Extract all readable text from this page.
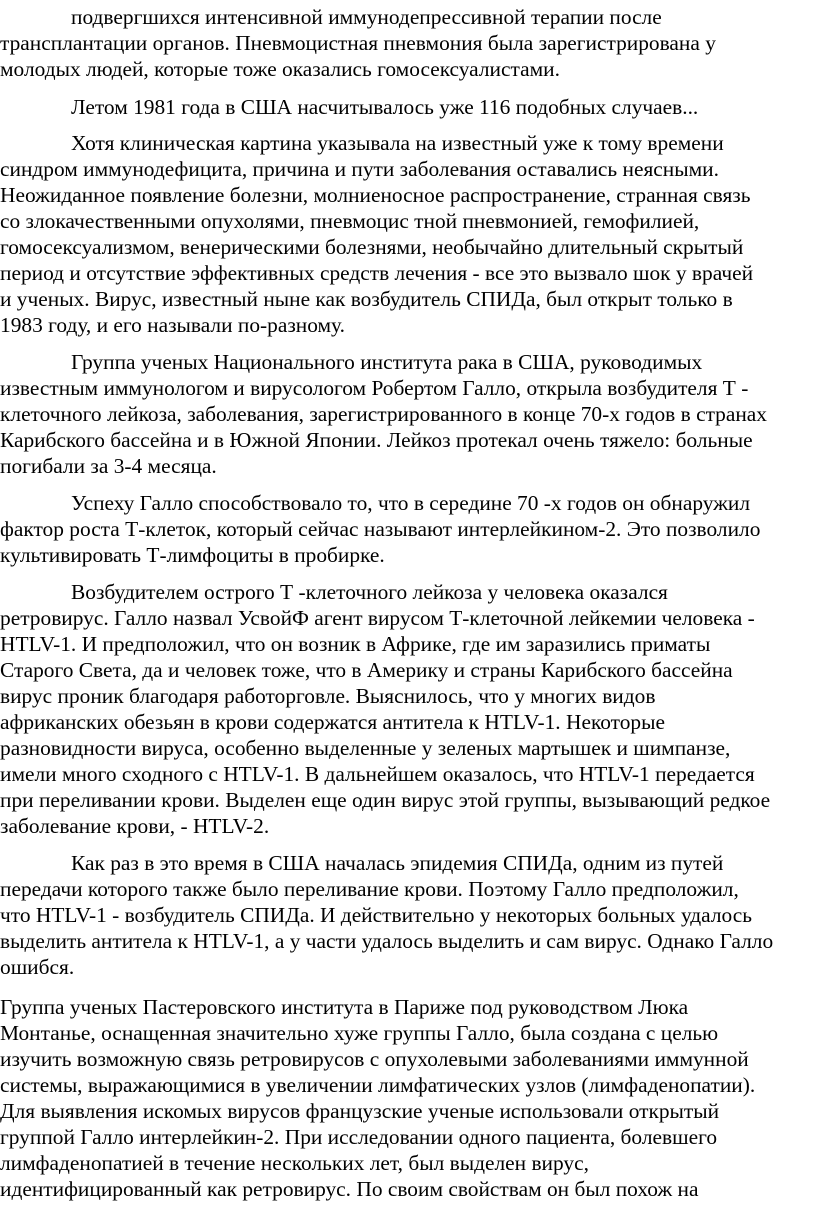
подвергшихся интенсивной иммунодепрессивной терапии после

трансплантации органов. Пневмоцистная пневмония была зарегистрирована у

молодых людей, которые тоже оказались гомосексуалистами.

Летом 1981 года в США насчитывалось уже 116 подобных случаев...

Хотя клиническая картина указывала на известный уже к тому времени

синдром иммунодефицита, причина и пути заболевания оставались неясными.

Неожиданное появление болезни, молниеносное распространение, странная связь

со злокачественными опухолями, пневмоцис тной пневмонией, гемофилией,

гомосексуализмом, венерическими болезнями, необычайно длительный скрытый

период и отсутствие эффективных средств лечения - все это вызвало шок у врачей

и ученых. Вирус, известный ныне как возбудитель СПИДа, был открыт только в

1983 году, и его называли по-разному.

Группа ученых Национального института рака в США, руководимых

известным иммунологом и вирусологом Робертом Галло, открыла возбудителя Т -

клеточного лейкоза, заболевания, зарегистрированного в конце 70-х годов в странах

Карибского бассейна и в Южной Японии. Лейкоз протекал очень тяжело: больные

погибали за 3-4 месяца.

Успеху Галло способствовало то, что в середине 70 -х годов он обнаружил

фактор роста Т-клеток, который сейчас называют интерлейкином-2. Это позволило

культивировать Т-лимфоциты в пробирке.

Возбудителем острого Т -клеточного лейкоза у человека оказался

ретровирус. Галло назвал УсвойФ агент вирусом Т-клеточной лейкемии человека -

HTLV-1. И предположил, что он возник в Африке, где им заразились приматы

Старого Света, да и человек тоже, что в Америку и страны Карибского бассейна

вирус проник благодаря работорговле. Выяснилось, что у многих видов

африканских обезьян в крови содержатся антитела к HTLV-1. Некоторые

разновидности вируса, особенно выделенные у зеленых мартышек и шимпанзе,

имели много сходного с HTLV-1. В дальнейшем оказалось, что HTLV-1 передается

при переливании крови. Выделен еще один вирус этой группы, вызывающий редкое

заболевание крови, - HTLV-2.

Как раз в это время в США началась эпидемия СПИДа, одним из путей

передачи которого также было переливание крови. Поэтому Галло предположил,

что HTLV-1 - возбудитель СПИДа. И действительно у некоторых больных удалось

выделить антитела к HTLV-1, а у части удалось выделить и сам вирус. Однако Галло

ошибся.

Группа ученых Пастеровского института в Париже под руководством Люка

Монтанье, оснащенная значительно хуже группы Галло, была создана с целью

изучить возможную связь ретровирусов с опухолевыми заболеваниями иммунной

системы, выражающимися в увеличении лимфатических узлов (лимфаденопатии).

Для выявления искомых вирусов французские ученые использовали открытый

группой Галло интерлейкин-2. При исследовании одного пациента, болевшего

лимфаденопатией в течение нескольких лет, был выделен вирус,

идентифицированный как ретровирус. По своим свойствам он был похож на
